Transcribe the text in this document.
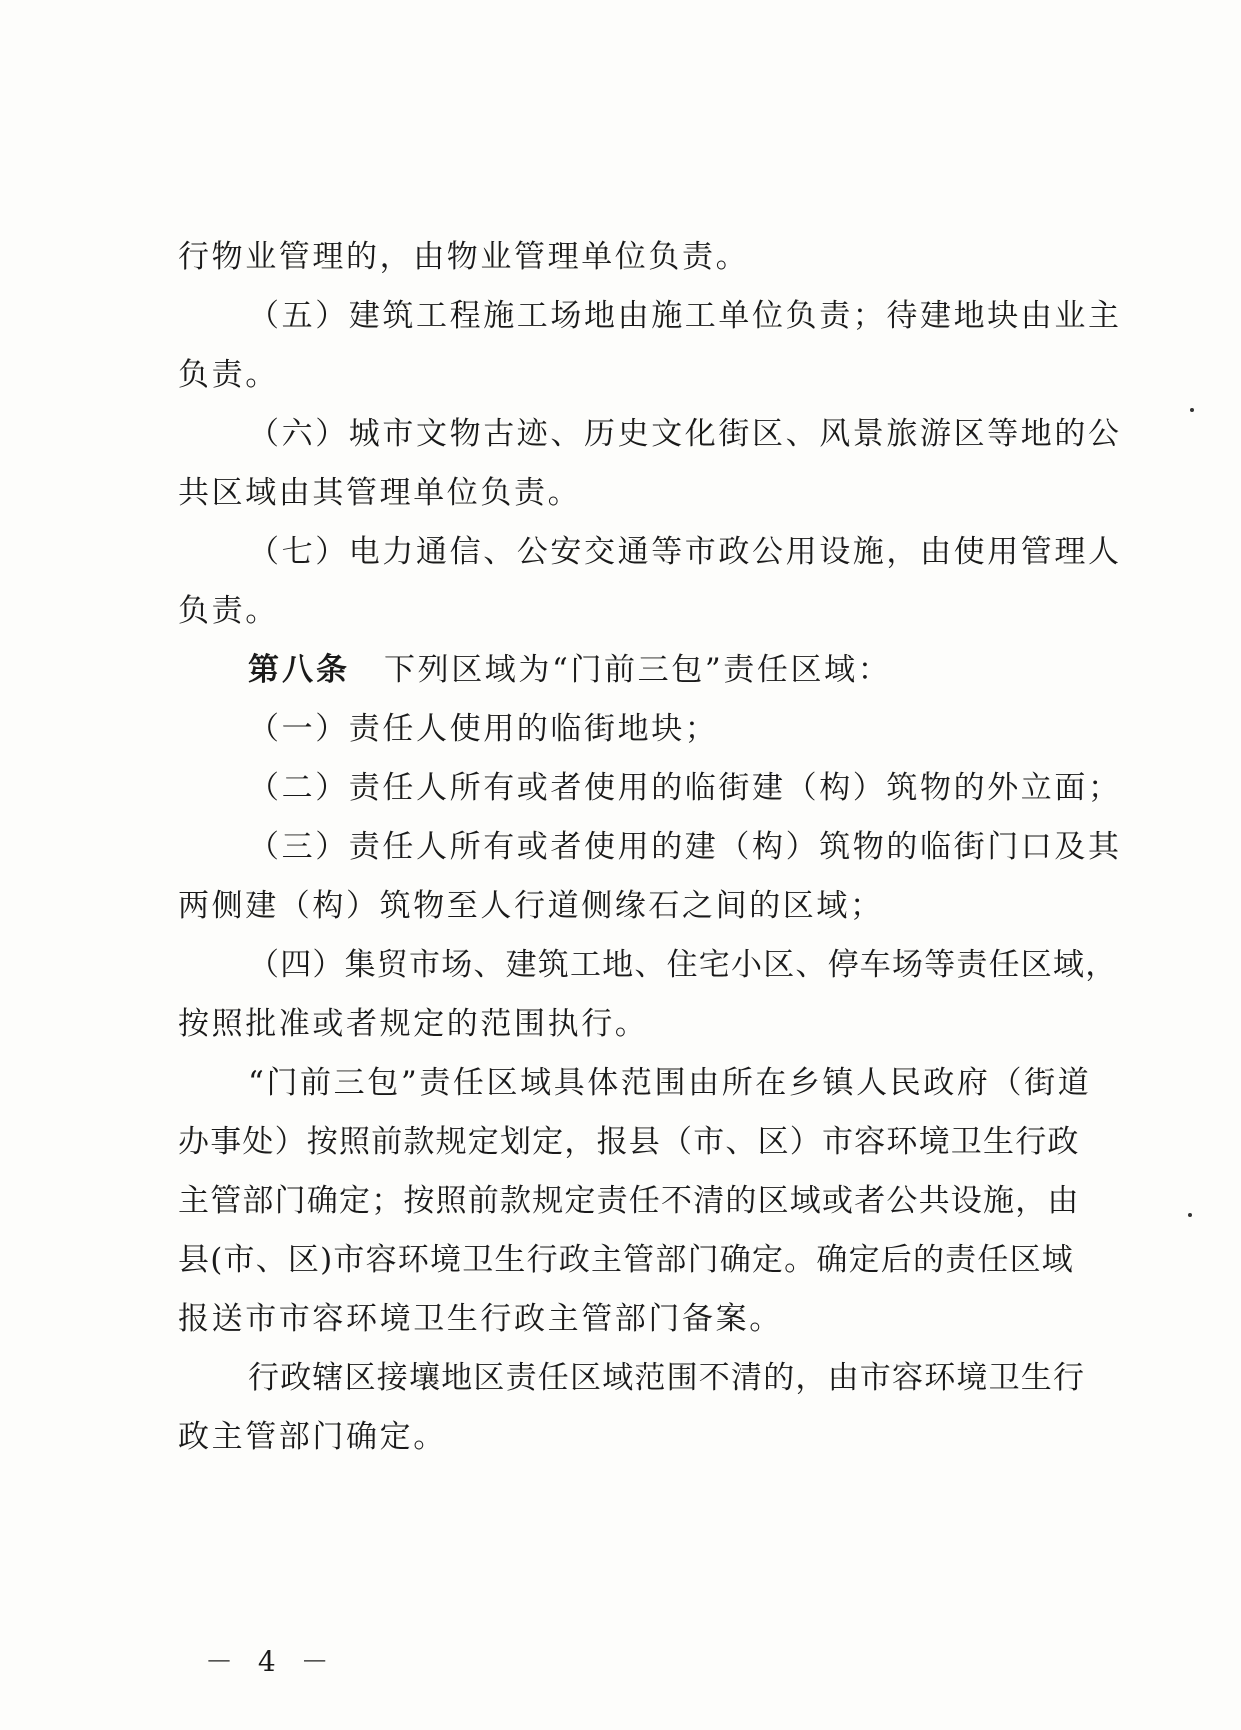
行物业管理的，由物业管理单位负责。
（五）建筑工程施工场地由施工单位负责；待建地块由业主
负责。
（六）城市文物古迹、历史文化街区、风景旅游区等地的公
共区域由其管理单位负责。
（七）电力通信、公安交通等市政公用设施，由使用管理人
负责。
第八条 下列区域为“门前三包”责任区域：
（一）责任人使用的临街地块；
（二）责任人所有或者使用的临街建（构）筑物的外立面；
（三）责任人所有或者使用的建（构）筑物的临街门口及其
两侧建（构）筑物至人行道侧缘石之间的区域；
（四）集贸市场、建筑工地、住宅小区、停车场等责任区域，
按照批准或者规定的范围执行。
“门前三包”责任区域具体范围由所在乡镇人民政府（街道
办事处）按照前款规定划定，报县（市、区）市容环境卫生行政
主管部门确定；按照前款规定责任不清的区域或者公共设施，由
县(市、区)市容环境卫生行政主管部门确定。确定后的责任区域
报送市市容环境卫生行政主管部门备案。
行政辖区接壤地区责任区域范围不清的，由市容环境卫生行
政主管部门确定。
－ 4 －
